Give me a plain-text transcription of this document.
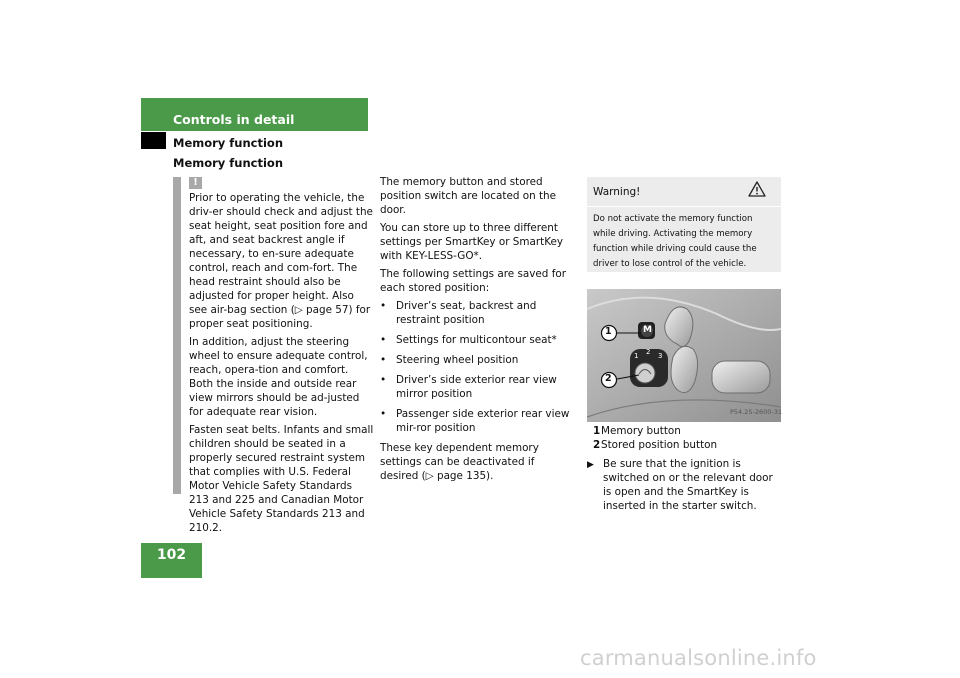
Controls in detail
Memory function
Memory function
102
!

Prior to operating the vehicle, the driv-er should check and adjust the seat height, seat position fore and aft, and seat backrest angle if necessary, to en-sure adequate control, reach and com-fort. The head restraint should also be adjusted for proper height. Also see air-bag section (▷ page 57) for proper seat positioning.

In addition, adjust the steering wheel to ensure adequate control, reach, opera-tion and comfort. Both the inside and outside rear view mirrors should be ad-justed for adequate rear vision.

Fasten seat belts. Infants and small children should be seated in a properly secured restraint system that complies with U.S. Federal Motor Vehicle Safety Standards 213 and 225 and Canadian Motor Vehicle Safety Standards 213 and 210.2.

The memory button and stored position switch are located on the door.

You can store up to three different settings per SmartKey or SmartKey with KEY-LESS-GO*.

The following settings are saved for each stored position:

• Driver’s seat, backrest and restraint position
• Settings for multicontour seat*
• Steering wheel position
• Driver’s side exterior rear view mirror position
• Passenger side exterior rear view mir-ror position

These key dependent memory settings can be deactivated if desired (▷ page 135).

Warning!
Do not activate the memory function while driving. Activating the memory function while driving could cause the driver to lose control of the vehicle.
M
1 2 3
1
2
P54.25-2600-31
1Memory button
2Stored position button
▶ Be sure that the ignition is switched on or the relevant door is open and the SmartKey is inserted in the starter switch.
carmanualsonline.info
